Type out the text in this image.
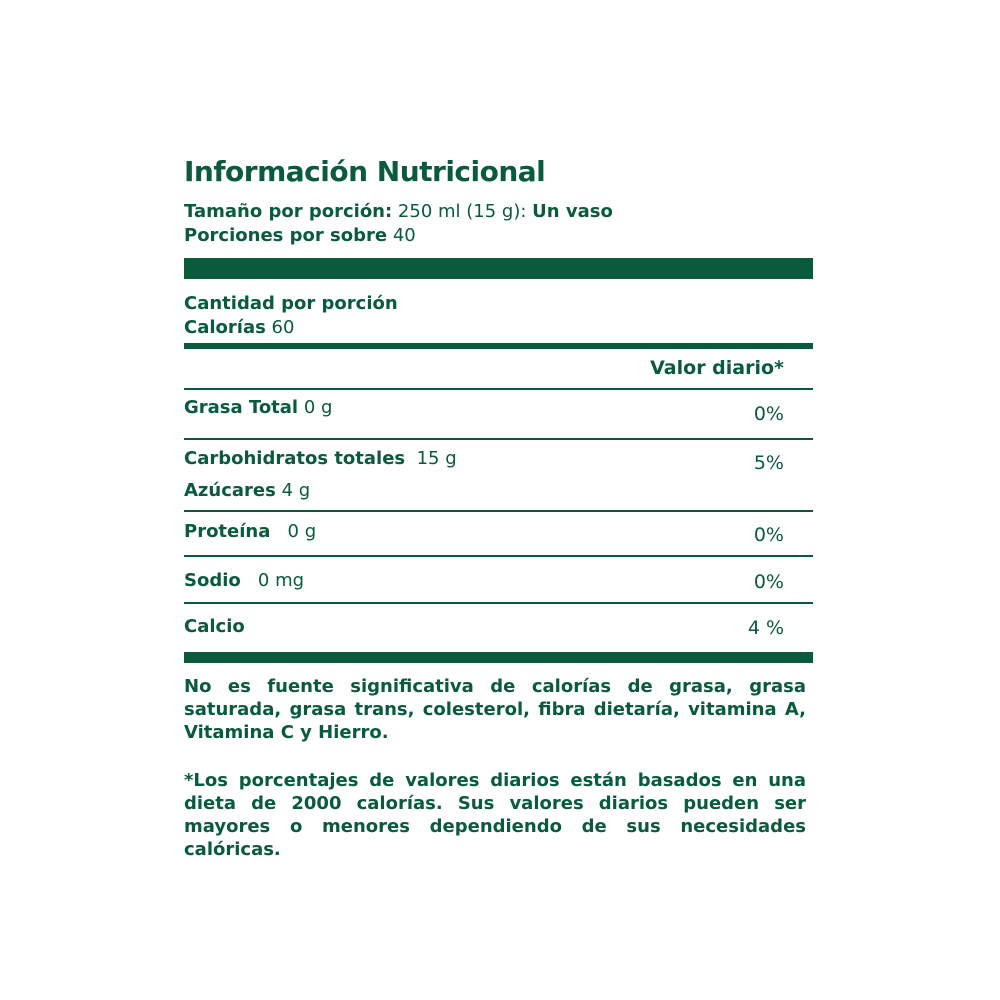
Información Nutricional
Tamaño por porción: 250 ml (15 g): Un vaso
Porciones por sobre 40
Cantidad por porción
Calorías 60
Valor diario*
Grasa Total 0 g	0%
Carbohidratos totales  15 g	5%
Azúcares 4 g
Proteína   0 g	0%
Sodio   0 mg	0%
Calcio	4 %
No es fuente significativa de calorías de grasa, grasa saturada, grasa trans, colesterol, fibra dietaría, vitamina A, Vitamina C y Hierro.
*Los porcentajes de valores diarios están basados en una dieta de 2000 calorías. Sus valores diarios pueden ser mayores o menores dependiendo de sus necesidades calóricas.
